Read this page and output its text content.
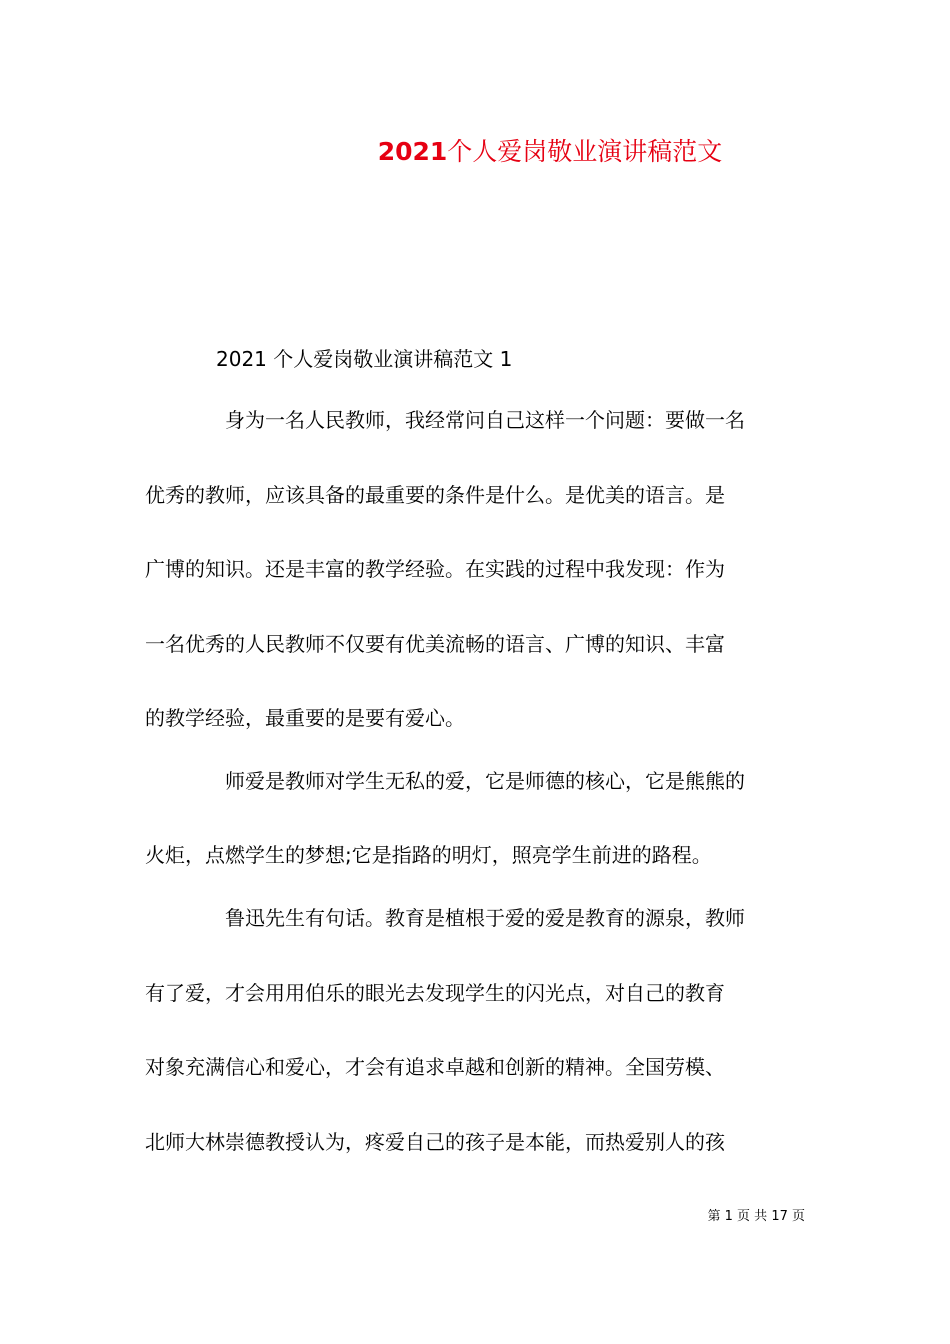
2021个人爱岗敬业演讲稿范文
2021 个人爱岗敬业演讲稿范文 1
身为一名人民教师，我经常问自己这样一个问题：要做一名
优秀的教师，应该具备的最重要的条件是什么。是优美的语言。是
广博的知识。还是丰富的教学经验。在实践的过程中我发现：作为
一名优秀的人民教师不仅要有优美流畅的语言、广博的知识、丰富
的教学经验，最重要的是要有爱心。
师爱是教师对学生无私的爱，它是师德的核心，它是熊熊的
火炬，点燃学生的梦想;它是指路的明灯，照亮学生前进的路程。
鲁迅先生有句话。教育是植根于爱的爱是教育的源泉，教师
有了爱，才会用用伯乐的眼光去发现学生的闪光点，对自己的教育
对象充满信心和爱心，才会有追求卓越和创新的精神。全国劳模、
北师大林崇德教授认为，疼爱自己的孩子是本能，而热爱别人的孩
第 1 页 共 17 页
